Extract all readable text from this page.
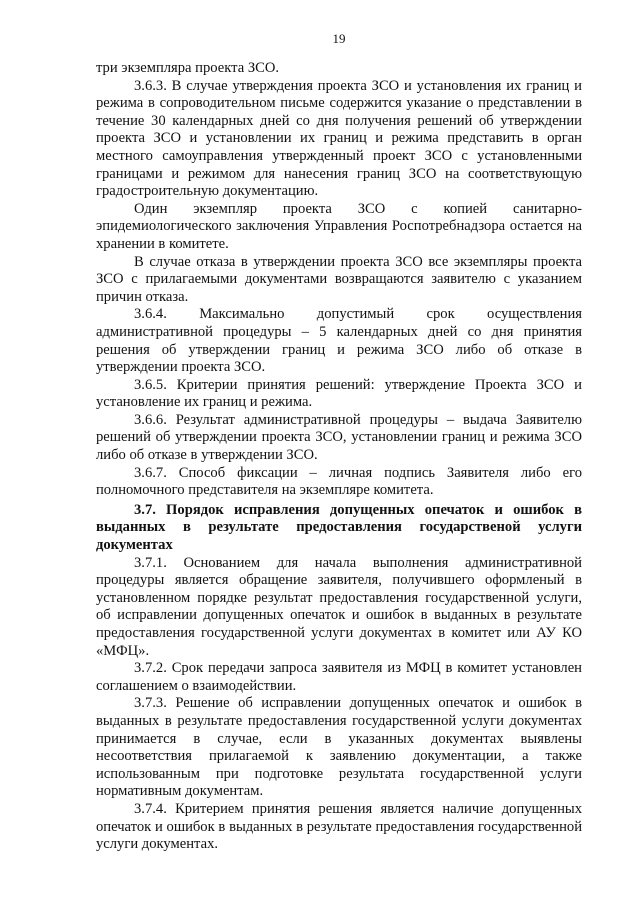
19

три экземпляра проекта ЗСО.

3.6.3. В случае утверждения проекта ЗСО и установления их границ и режима в сопроводительном письме содержится указание о представлении в течение 30 календарных дней со дня получения решений об утверждении проекта ЗСО и установлении их границ и режима представить в орган местного самоуправления утвержденный проект ЗСО с установленными границами и режимом для нанесения границ ЗСО на соответствующую градостроительную документацию.

Один экземпляр проекта ЗСО с копией санитарно-эпидемиологического заключения Управления Роспотребнадзора остается на хранении в комитете.

В случае отказа в утверждении проекта ЗСО все экземпляры проекта ЗСО с прилагаемыми документами возвращаются заявителю с указанием причин отказа.

3.6.4. Максимально допустимый срок осуществления административной процедуры – 5 календарных дней со дня принятия решения об утверждении границ и режима ЗСО либо об отказе в утверждении проекта ЗСО.

3.6.5. Критерии принятия решений: утверждение Проекта ЗСО и установление их границ и режима.

3.6.6. Результат административной процедуры – выдача Заявителю решений об утверждении проекта ЗСО, установлении границ и режима ЗСО либо об отказе в утверждении ЗСО.

3.6.7. Способ фиксации – личная подпись Заявителя либо его полномочного представителя на экземпляре комитета.

3.7. Порядок исправления допущенных опечаток и ошибок в выданных в результате предоставления государственой услуги документах

3.7.1. Основанием для начала выполнения административной процедуры является обращение заявителя, получившего оформленый в установленном порядке результат предоставления государственной услуги, об исправлении допущенных опечаток и ошибок в выданных в результате предоставления государственной услуги документах в комитет или АУ КО «МФЦ».

3.7.2. Срок передачи запроса заявителя из МФЦ в комитет установлен соглашением о взаимодействии.

3.7.3. Решение об исправлении допущенных опечаток и ошибок в выданных в результате предоставления государственной услуги документах принимается в случае, если в указанных документах выявлены несоответствия прилагаемой к заявлению документации, а также использованным при подготовке результата государственной услуги нормативным документам.

3.7.4. Критерием принятия решения является наличие допущенных опечаток и ошибок в выданных в результате предоставления государственной услуги документах.
